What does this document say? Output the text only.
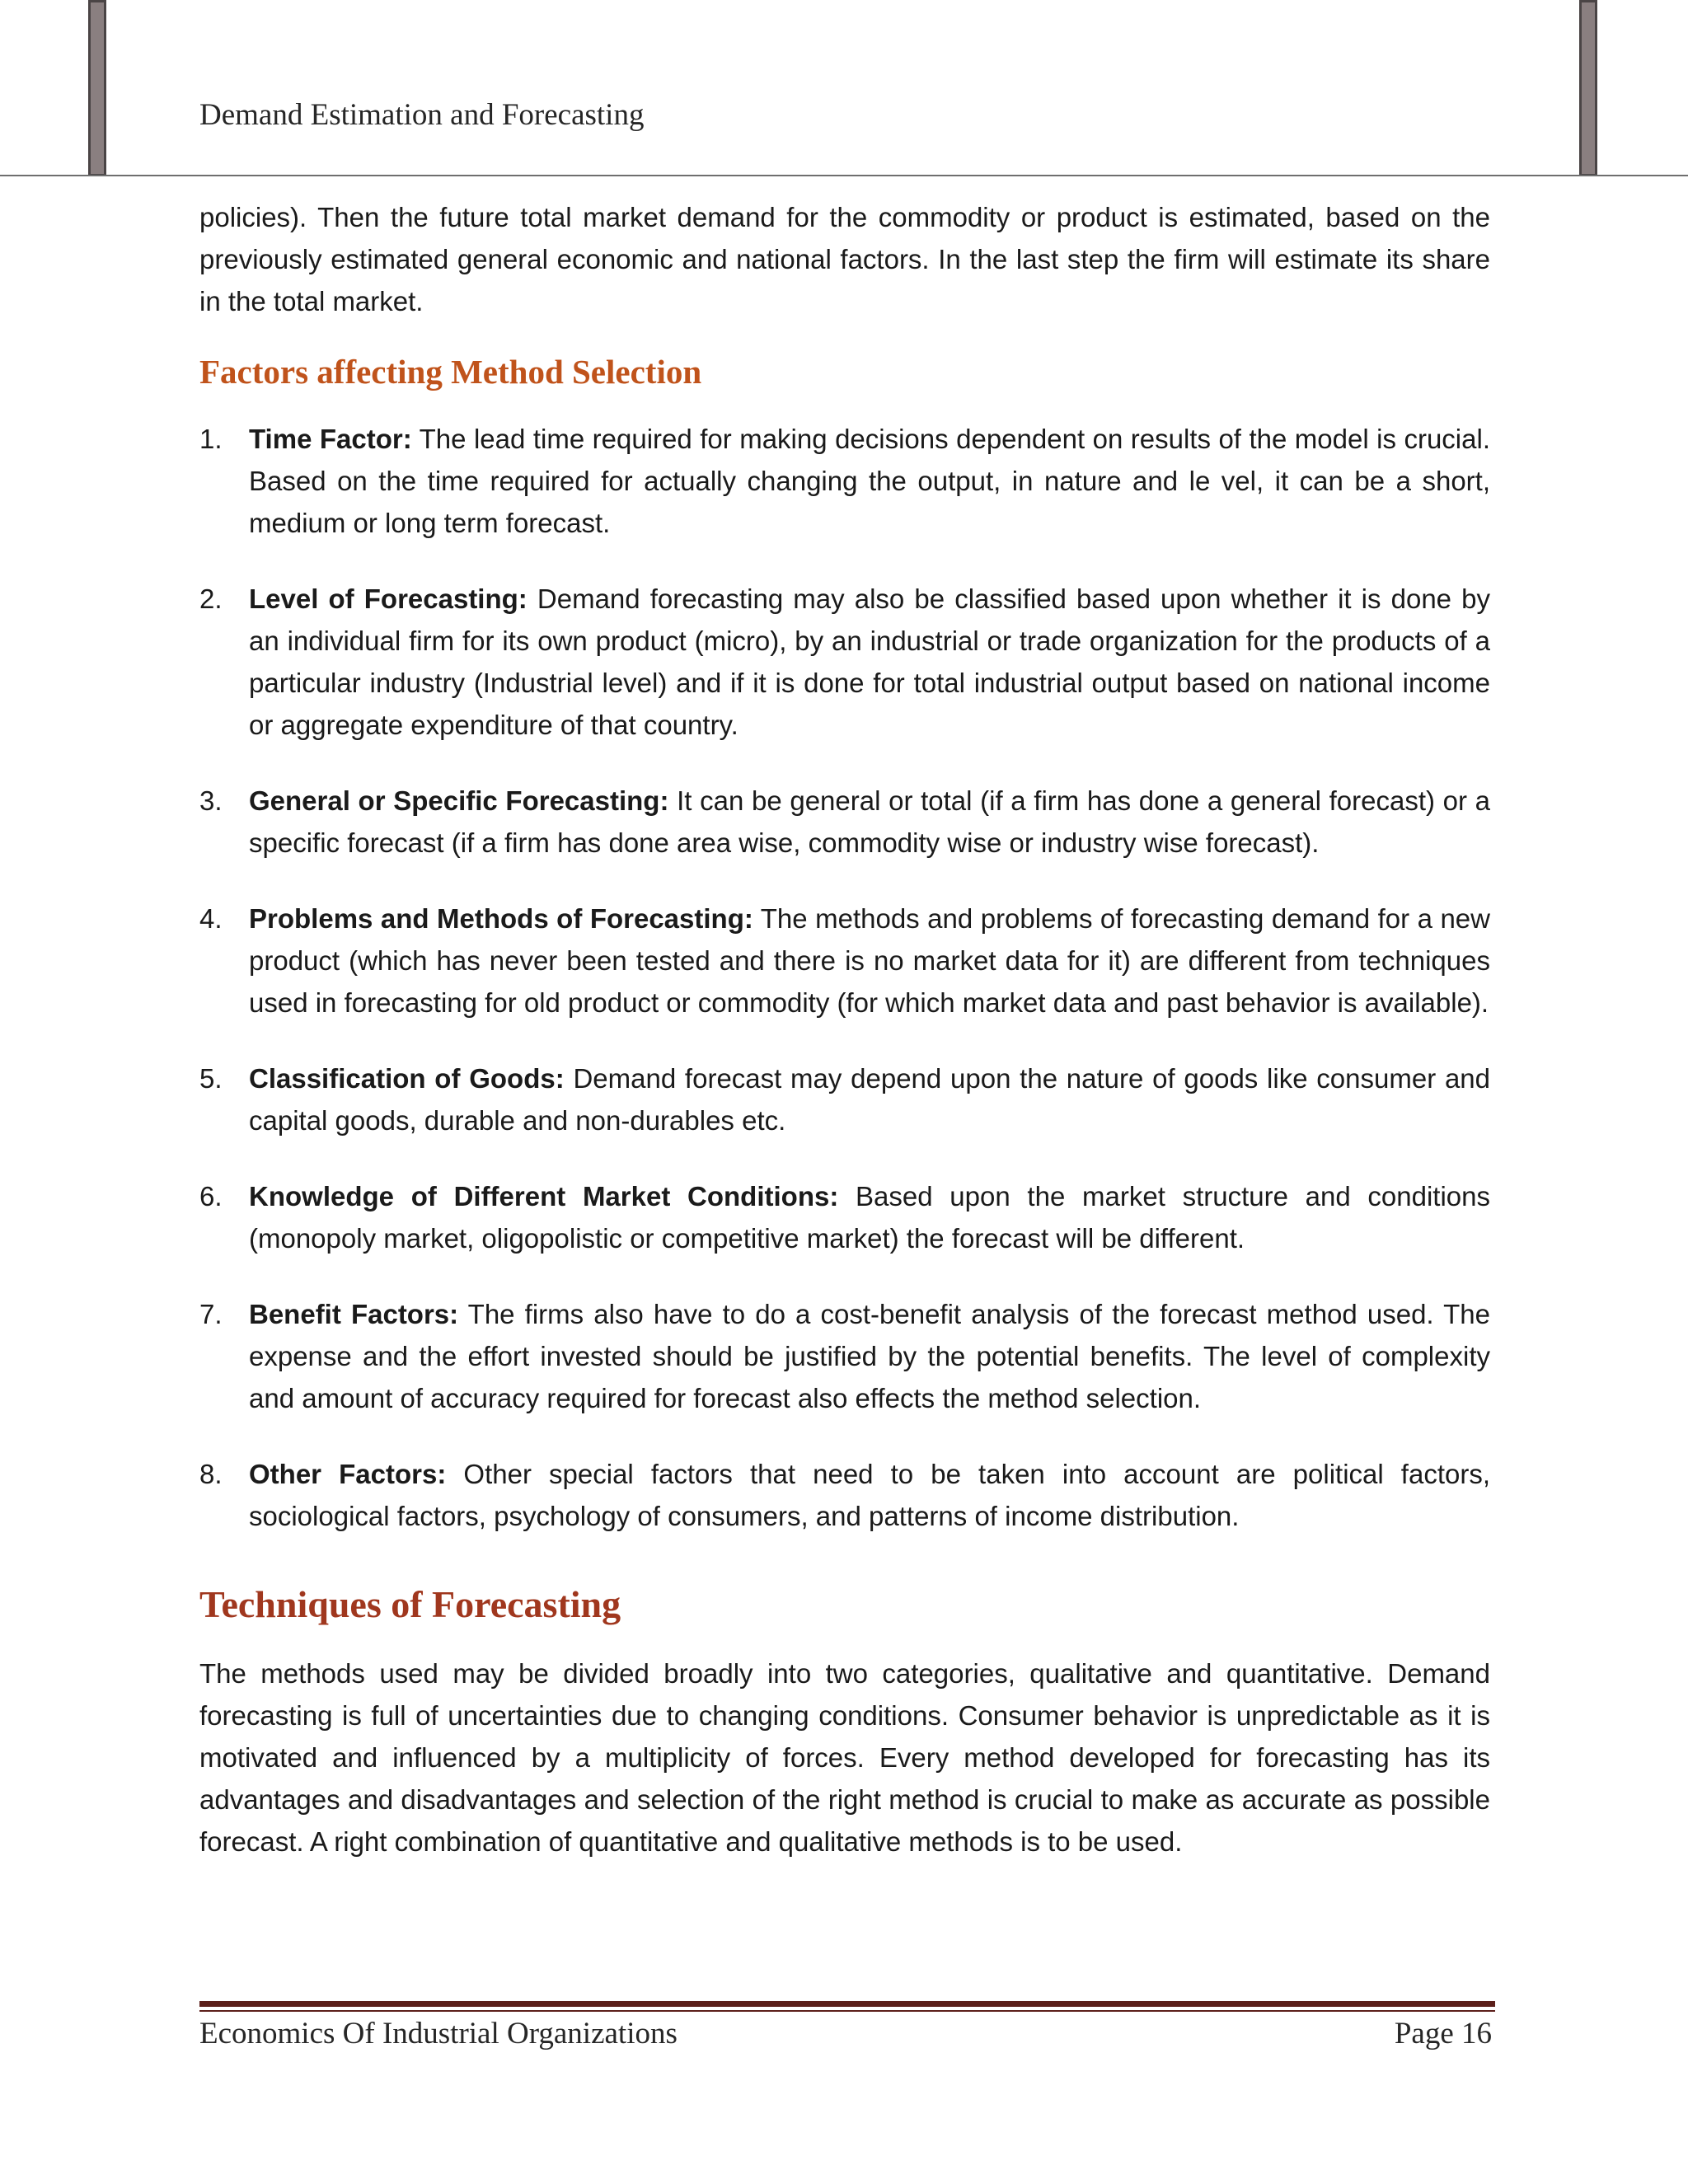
Demand Estimation and Forecasting

policies). Then the future total market demand for the commodity or product is estimated, based on the previously estimated general economic and national factors. In the last step the firm will estimate its share in the total market.

Factors affecting Method Selection
1. Time Factor: The lead time required for making decisions dependent on results of the model is crucial. Based on the time required for actually changing the output, in nature and le vel, it can be a short, medium or long term forecast.
2. Level of Forecasting: Demand forecasting may also be classified based upon whether it is done by an individual firm for its own product (micro), by an industrial or trade organization for the products of a particular industry (Industrial level) and if it is done for total industrial output based on national income or aggregate expenditure of that country.
3. General or Specific Forecasting: It can be general or total (if a firm has done a general forecast) or a specific forecast (if a firm has done area wise, commodity wise or industry wise forecast).
4. Problems and Methods of Forecasting: The methods and problems of forecasting demand for a new product (which has never been tested and there is no market data for it) are different from techniques used in forecasting for old product or commodity (for which market data and past behavior is available).
5. Classification of Goods: Demand forecast may depend upon the nature of goods like consumer and capital goods, durable and non-durables etc.
6. Knowledge of Different Market Conditions: Based upon the market structure and conditions (monopoly market, oligopolistic or competitive market) the forecast will be different.
7. Benefit Factors: The firms also have to do a cost-benefit analysis of the forecast method used. The expense and the effort invested should be justified by the potential benefits. The level of complexity and amount of accuracy required for forecast also effects the method selection.
8. Other Factors: Other special factors that need to be taken into account are political factors, sociological factors, psychology of consumers, and patterns of income distribution.
Techniques of Forecasting

The methods used may be divided broadly into two categories, qualitative and quantitative. Demand forecasting is full of uncertainties due to changing conditions. Consumer behavior is unpredictable as it is motivated and influenced by a multiplicity of forces. Every method developed for forecasting has its advantages and disadvantages and selection of the right method is crucial to make as accurate as possible forecast. A right combination of quantitative and qualitative methods is to be used.

Economics Of Industrial Organizations	Page 16
